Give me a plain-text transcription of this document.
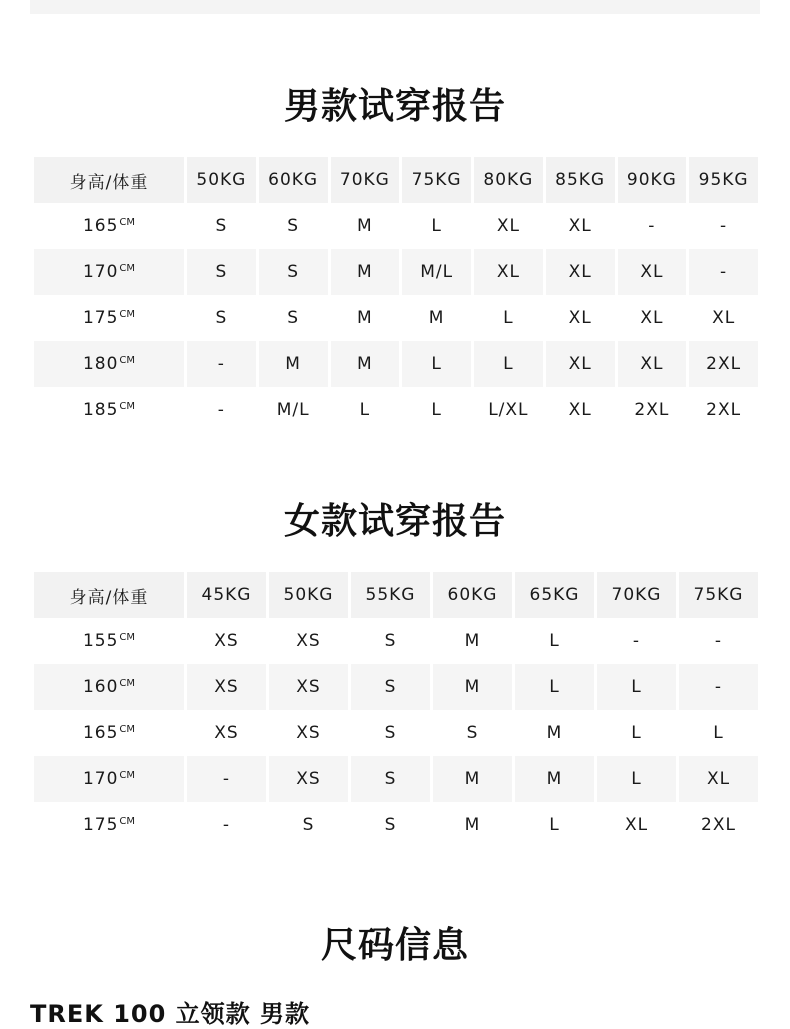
男款试穿报告
身高/体重	50KG	60KG	70KG	75KG	80KG	85KG	90KG	95KG
$165^{CM}$	S	S	M	L	XL	XL	-	-
$170^{CM}$	S	S	M	M/L	XL	XL	XL	-
$175^{CM}$	S	S	M	M	L	XL	XL	XL
$180^{CM}$	-	M	M	L	L	XL	XL	2XL
$185^{CM}$	-	M/L	L	L	L/XL	XL	2XL	2XL
女款试穿报告
身高/体重	45KG	50KG	55KG	60KG	65KG	70KG	75KG
$155^{CM}$	XS	XS	S	M	L	-	-
$160^{CM}$	XS	XS	S	M	L	L	-
$165^{CM}$	XS	XS	S	S	M	L	L
$170^{CM}$	-	XS	S	M	M	L	XL
$175^{CM}$	-	S	S	M	L	XL	2XL
尺码信息
TREK 100 立领款 男款
